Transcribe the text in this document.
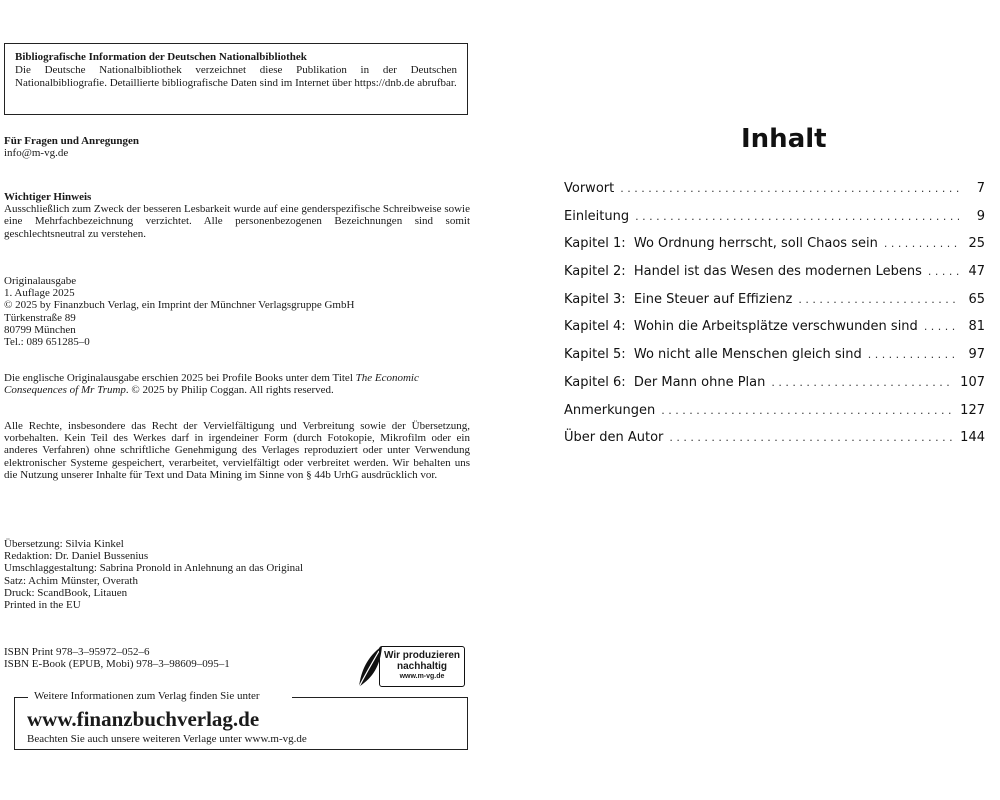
Bibliografische Information der Deutschen Nationalbibliothek
Die Deutsche Nationalbibliothek verzeichnet diese Publikation in der Deutschen Nationalbibliografie. Detaillierte bibliografische Daten sind im Internet über https://dnb.de abrufbar.
Für Fragen und Anregungen
info@m-vg.de
Wichtiger Hinweis
Ausschließlich zum Zweck der besseren Lesbarkeit wurde auf eine genderspezifische Schreibweise sowie eine Mehrfachbezeichnung verzichtet. Alle personenbezogenen Bezeichnungen sind somit geschlechtsneutral zu verstehen.
Originalausgabe
1. Auflage 2025
© 2025 by Finanzbuch Verlag, ein Imprint der Münchner Verlagsgruppe GmbH
Türkenstraße 89
80799 München
Tel.: 089 651285–0
Die englische Originalausgabe erschien 2025 bei Profile Books unter dem Titel The Economic Consequences of Mr Trump. © 2025 by Philip Coggan. All rights reserved.
Alle Rechte, insbesondere das Recht der Vervielfältigung und Verbreitung sowie der Übersetzung, vorbehalten. Kein Teil des Werkes darf in irgendeiner Form (durch Fotokopie, Mikrofilm oder ein anderes Verfahren) ohne schriftliche Genehmigung des Verlages reproduziert oder unter Verwendung elektronischer Systeme gespeichert, verarbeitet, vervielfältigt oder verbreitet werden. Wir behalten uns die Nutzung unserer Inhalte für Text und Data Mining im Sinne von § 44b UrhG ausdrücklich vor.
Übersetzung: Silvia Kinkel
Redaktion: Dr. Daniel Bussenius
Umschlaggestaltung: Sabrina Pronold in Anlehnung an das Original
Satz: Achim Münster, Overath
Druck: ScandBook, Litauen
Printed in the EU
ISBN Print 978–3–95972–052–6
ISBN E-Book (EPUB, Mobi) 978–3–98609–095–1
Wir produzieren
nachhaltig
www.m-vg.de
Weitere Informationen zum Verlag finden Sie unter
www.finanzbuchverlag.de
Beachten Sie auch unsere weiteren Verlage unter www.m-vg.de
Inhalt
Vorwort . . .	7
Einleitung . . .	9
Kapitel 1:  Wo Ordnung herrscht, soll Chaos sein . . .	25
Kapitel 2:  Handel ist das Wesen des modernen Lebens . . .	47
Kapitel 3:  Eine Steuer auf Effizienz . . .	65
Kapitel 4:  Wohin die Arbeitsplätze verschwunden sind . . .	81
Kapitel 5:  Wo nicht alle Menschen gleich sind . . .	97
Kapitel 6:  Der Mann ohne Plan . . .	107
Anmerkungen . . .	127
Über den Autor . . .	144
